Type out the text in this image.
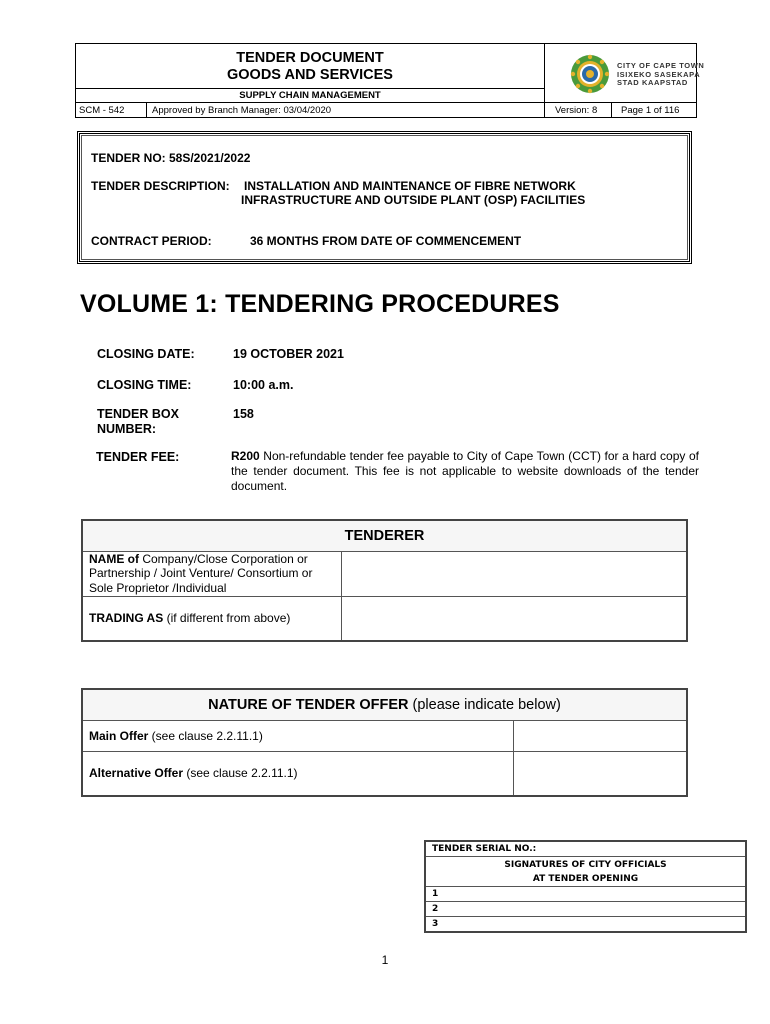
TENDER DOCUMENT
GOODS AND SERVICES
SUPPLY CHAIN MANAGEMENT
CITY OF CAPE TOWN
ISIXEKO SASEKAPA
STAD KAAPSTAD
SCM - 542	Approved by Branch Manager: 03/04/2020	Version: 8	Page 1 of 116
TENDER NO: 58S/2021/2022
TENDER DESCRIPTION: INSTALLATION AND MAINTENANCE OF FIBRE NETWORK
INFRASTRUCTURE AND OUTSIDE PLANT (OSP) FACILITIES
CONTRACT PERIOD:	36 MONTHS FROM DATE OF COMMENCEMENT
VOLUME 1: TENDERING PROCEDURES
CLOSING DATE:	19 OCTOBER 2021
CLOSING TIME:	10:00 a.m.
TENDER BOX
NUMBER:
158
TENDER FEE:	R200 Non-refundable tender fee payable to City of Cape Town (CCT) for a hard copy of the tender document. This fee is not applicable to website downloads of the tender document.
TENDERER	
NAME of Company/Close Corporation or Partnership / Joint Venture/ Consortium or Sole Proprietor /Individual	
TRADING AS (if different from above)	
NATURE OF TENDER OFFER (please indicate below)	
Main Offer (see clause 2.2.11.1)	
Alternative Offer (see clause 2.2.11.1)	
TENDER SERIAL NO.:

SIGNATURES OF CITY OFFICIALS
AT TENDER OPENING

1
2
3
1
